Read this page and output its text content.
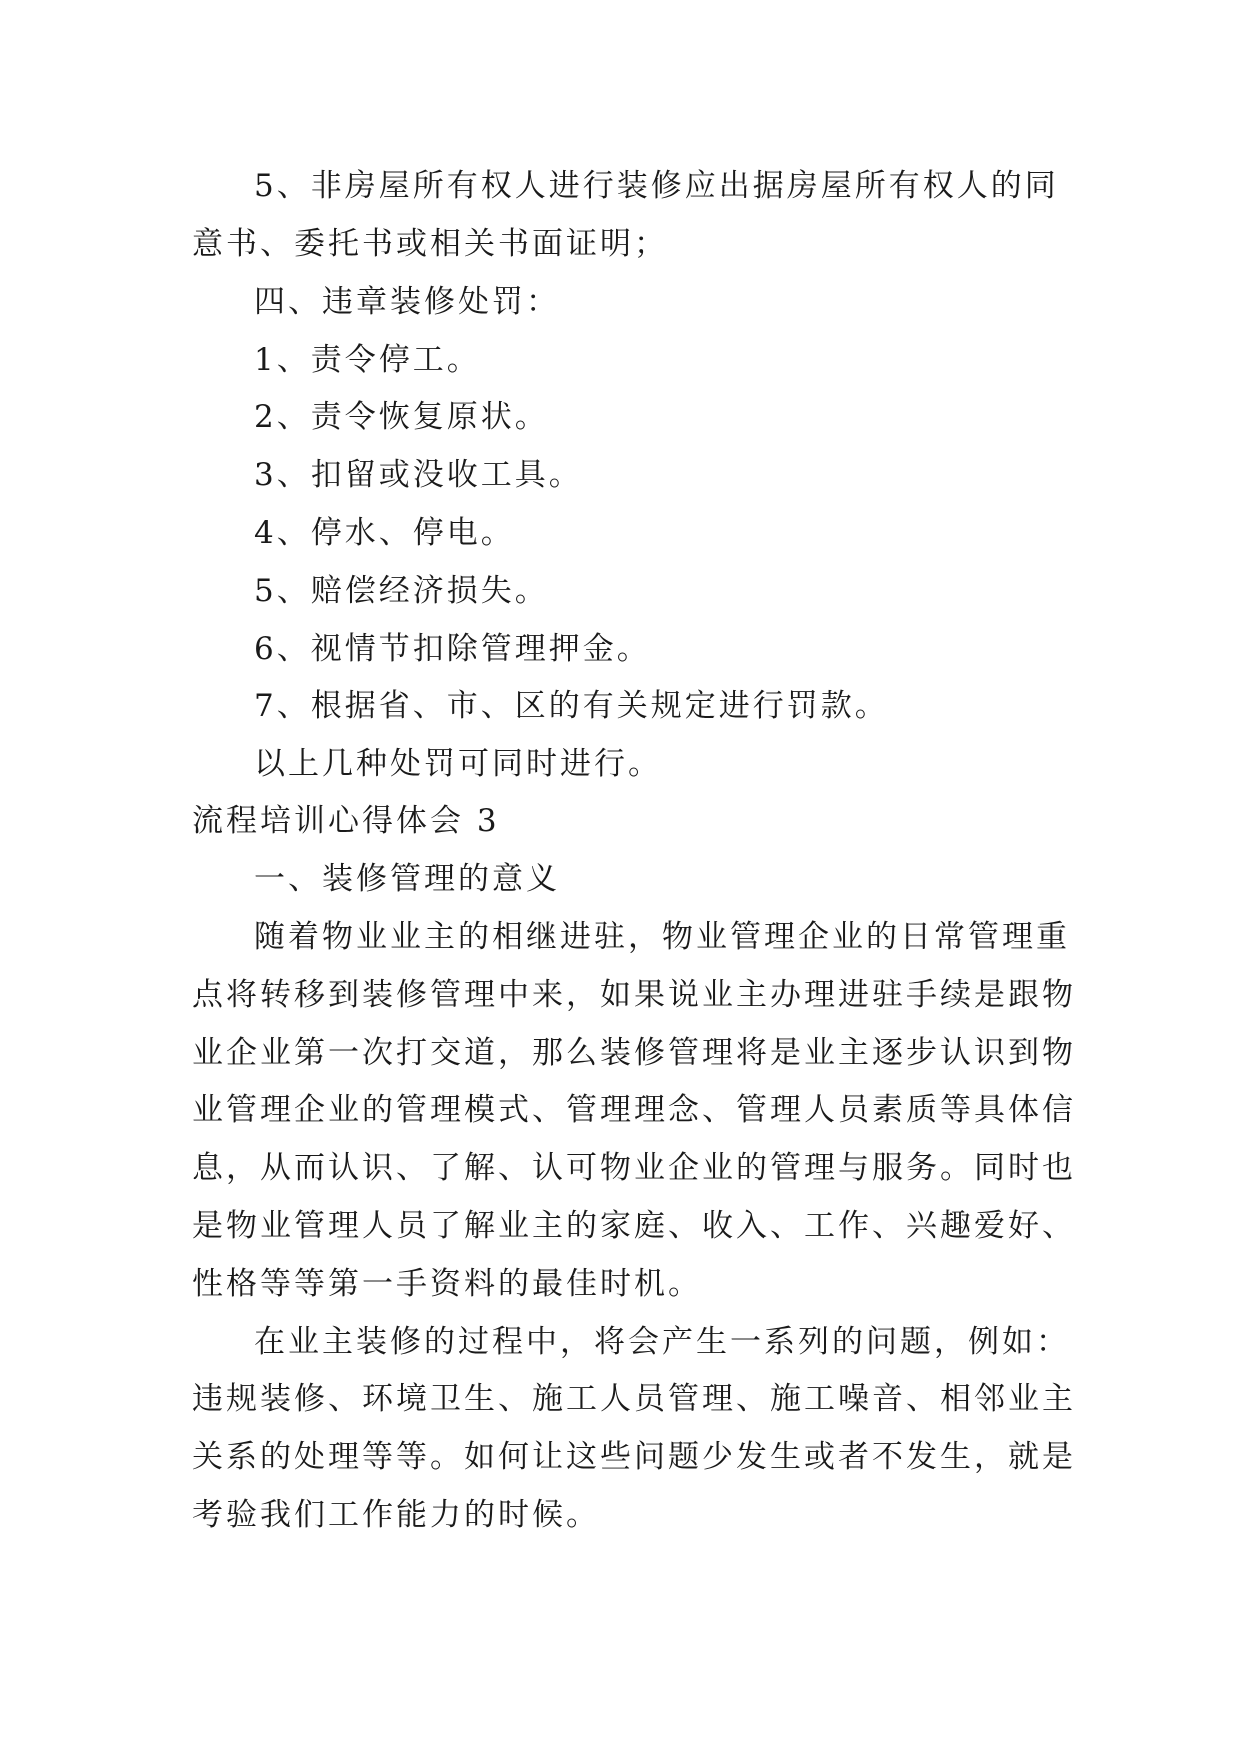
5、非房屋所有权人进行装修应出据房屋所有权人的同

意书、委托书或相关书面证明；

四、违章装修处罚：

1、责令停工。

2、责令恢复原状。

3、扣留或没收工具。

4、停水、停电。

5、赔偿经济损失。

6、视情节扣除管理押金。

7、根据省、市、区的有关规定进行罚款。

以上几种处罚可同时进行。

流程培训心得体会 3

一、装修管理的意义

随着物业业主的相继进驻，物业管理企业的日常管理重

点将转移到装修管理中来，如果说业主办理进驻手续是跟物

业企业第一次打交道，那么装修管理将是业主逐步认识到物

业管理企业的管理模式、管理理念、管理人员素质等具体信

息，从而认识、了解、认可物业企业的管理与服务。同时也

是物业管理人员了解业主的家庭、收入、工作、兴趣爱好、

性格等等第一手资料的最佳时机。

在业主装修的过程中，将会产生一系列的问题，例如：

违规装修、环境卫生、施工人员管理、施工噪音、相邻业主

关系的处理等等。如何让这些问题少发生或者不发生，就是

考验我们工作能力的时候。
